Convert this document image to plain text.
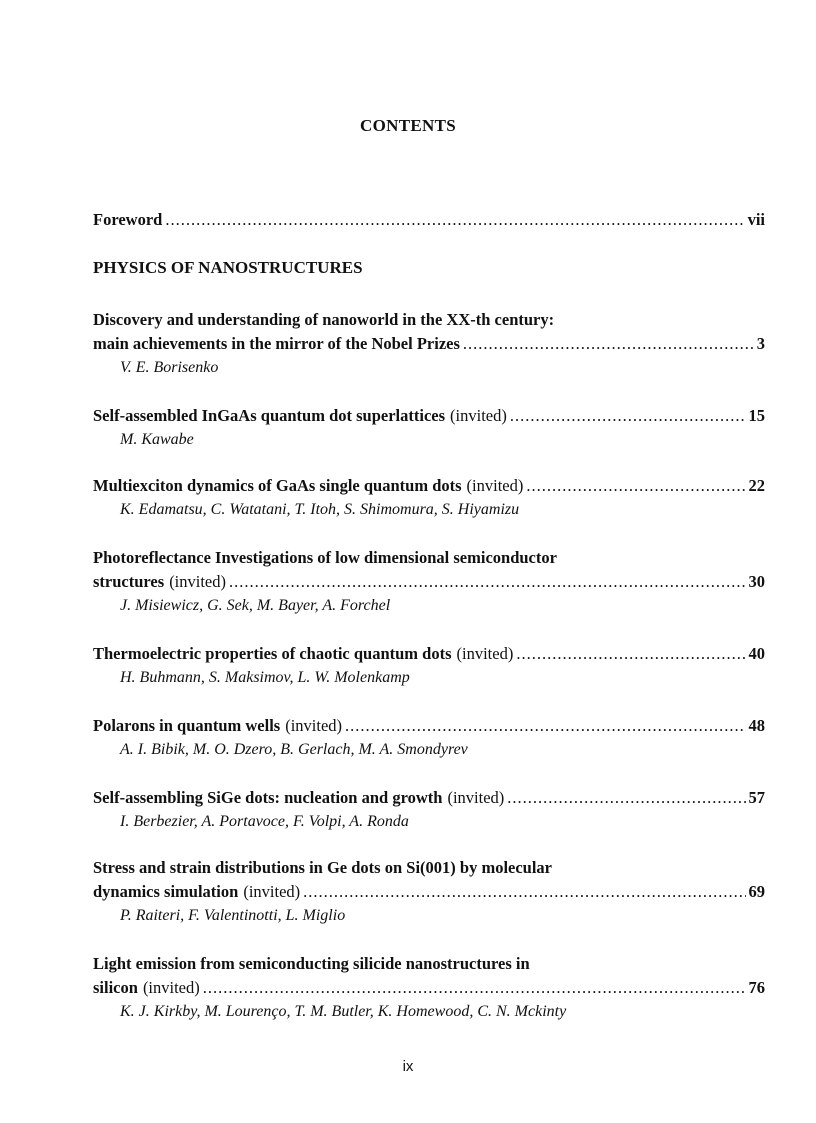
CONTENTS
Foreword .....	vii
PHYSICS OF NANOSTRUCTURES
Discovery and understanding of nanoworld in the XX-th century:
main achievements in the mirror of the Nobel Prizes .....	3
V. E. Borisenko
Self-assembled InGaAs quantum dot superlattices (invited) .....	15
M. Kawabe
Multiexciton dynamics of GaAs single quantum dots (invited) .....	22
K. Edamatsu, C. Watatani, T. Itoh, S. Shimomura, S. Hiyamizu
Photoreflectance Investigations of low dimensional semiconductor
structures (invited) .....	30
J. Misiewicz, G. Sek, M. Bayer, A. Forchel
Thermoelectric properties of chaotic quantum dots (invited) .....	40
H. Buhmann, S. Maksimov, L. W. Molenkamp
Polarons in quantum wells (invited) .....	48
A. I. Bibik, M. O. Dzero, B. Gerlach, M. A. Smondyrev
Self-assembling SiGe dots: nucleation and growth (invited) .....	57
I. Berbezier, A. Portavoce, F. Volpi, A. Ronda
Stress and strain distributions in Ge dots on Si(001) by molecular
dynamics simulation (invited) .....	69
P. Raiteri, F. Valentinotti, L. Miglio
Light emission from semiconducting silicide nanostructures in
silicon (invited) .....	76
K. J. Kirkby, M. Lourenço, T. M. Butler, K. Homewood, C. N. Mckinty
ix
